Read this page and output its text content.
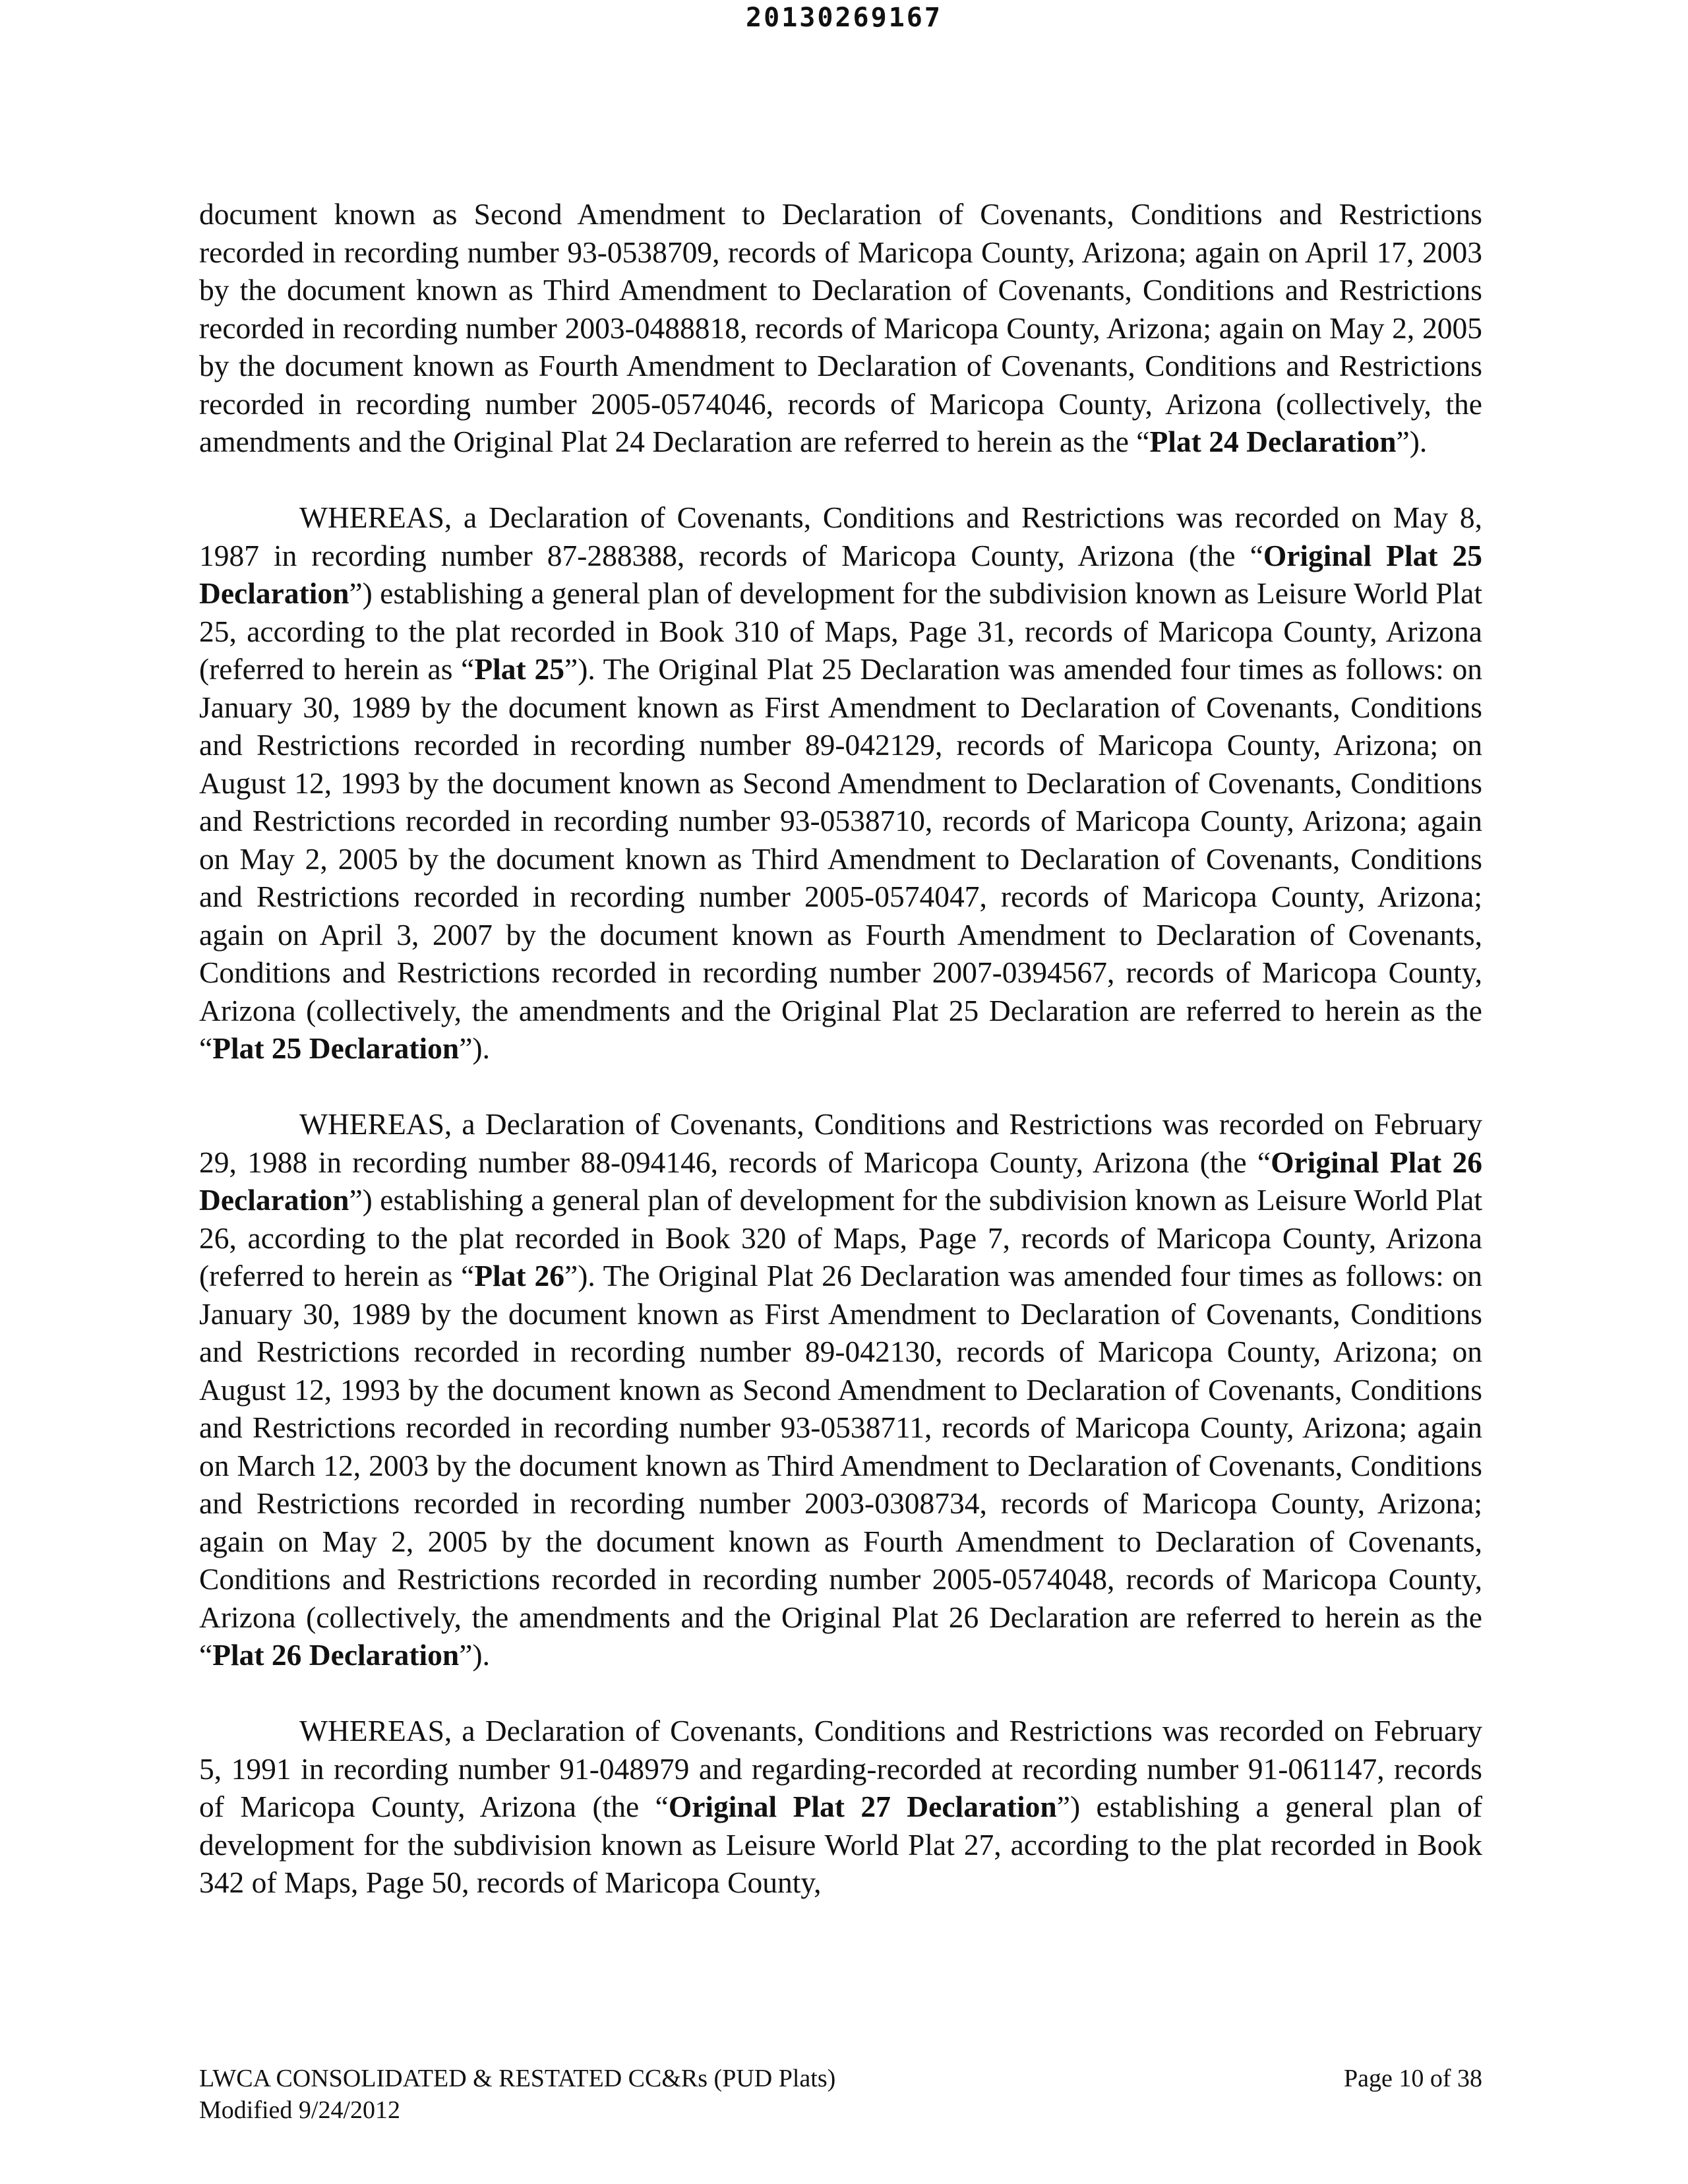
20130269167

document known as Second Amendment to Declaration of Covenants, Conditions and Restrictions recorded in recording number 93-0538709, records of Maricopa County, Arizona; again on April 17, 2003 by the document known as Third Amendment to Declaration of Covenants, Conditions and Restrictions recorded in recording number 2003-0488818, records of Maricopa County, Arizona; again on May 2, 2005 by the document known as Fourth Amendment to Declaration of Covenants, Conditions and Restrictions recorded in recording number 2005-0574046, records of Maricopa County, Arizona (collectively, the amendments and the Original Plat 24 Declaration are referred to herein as the “Plat 24 Declaration”).

WHEREAS, a Declaration of Covenants, Conditions and Restrictions was recorded on May 8, 1987 in recording number 87-288388, records of Maricopa County, Arizona (the “Original Plat 25 Declaration”) establishing a general plan of development for the subdivision known as Leisure World Plat 25, according to the plat recorded in Book 310 of Maps, Page 31, records of Maricopa County, Arizona (referred to herein as “Plat 25”). The Original Plat 25 Declaration was amended four times as follows: on January 30, 1989 by the document known as First Amendment to Declaration of Covenants, Conditions and Restrictions recorded in recording number 89-042129, records of Maricopa County, Arizona; on August 12, 1993 by the document known as Second Amendment to Declaration of Covenants, Conditions and Restrictions recorded in recording number 93-0538710, records of Maricopa County, Arizona; again on May 2, 2005 by the document known as Third Amendment to Declaration of Covenants, Conditions and Restrictions recorded in recording number 2005-0574047, records of Maricopa County, Arizona; again on April 3, 2007 by the document known as Fourth Amendment to Declaration of Covenants, Conditions and Restrictions recorded in recording number 2007-0394567, records of Maricopa County, Arizona (collectively, the amendments and the Original Plat 25 Declaration are referred to herein as the “Plat 25 Declaration”).

WHEREAS, a Declaration of Covenants, Conditions and Restrictions was recorded on February 29, 1988 in recording number 88-094146, records of Maricopa County, Arizona (the “Original Plat 26 Declaration”) establishing a general plan of development for the subdivision known as Leisure World Plat 26, according to the plat recorded in Book 320 of Maps, Page 7, records of Maricopa County, Arizona (referred to herein as “Plat 26”). The Original Plat 26 Declaration was amended four times as follows: on January 30, 1989 by the document known as First Amendment to Declaration of Covenants, Conditions and Restrictions recorded in recording number 89-042130, records of Maricopa County, Arizona; on August 12, 1993 by the document known as Second Amendment to Declaration of Covenants, Conditions and Restrictions recorded in recording number 93-0538711, records of Maricopa County, Arizona; again on March 12, 2003 by the document known as Third Amendment to Declaration of Covenants, Conditions and Restrictions recorded in recording number 2003-0308734, records of Maricopa County, Arizona; again on May 2, 2005 by the document known as Fourth Amendment to Declaration of Covenants, Conditions and Restrictions recorded in recording number 2005-0574048, records of Maricopa County, Arizona (collectively, the amendments and the Original Plat 26 Declaration are referred to herein as the “Plat 26 Declaration”).

WHEREAS, a Declaration of Covenants, Conditions and Restrictions was recorded on February 5, 1991 in recording number 91-048979 and regarding-recorded at recording number 91-061147, records of Maricopa County, Arizona (the “Original Plat 27 Declaration”) establishing a general plan of development for the subdivision known as Leisure World Plat 27, according to the plat recorded in Book 342 of Maps, Page 50, records of Maricopa County,

LWCA CONSOLIDATED & RESTATED CC&Rs (PUD Plats)
Modified 9/24/2012
Page 10 of 38
